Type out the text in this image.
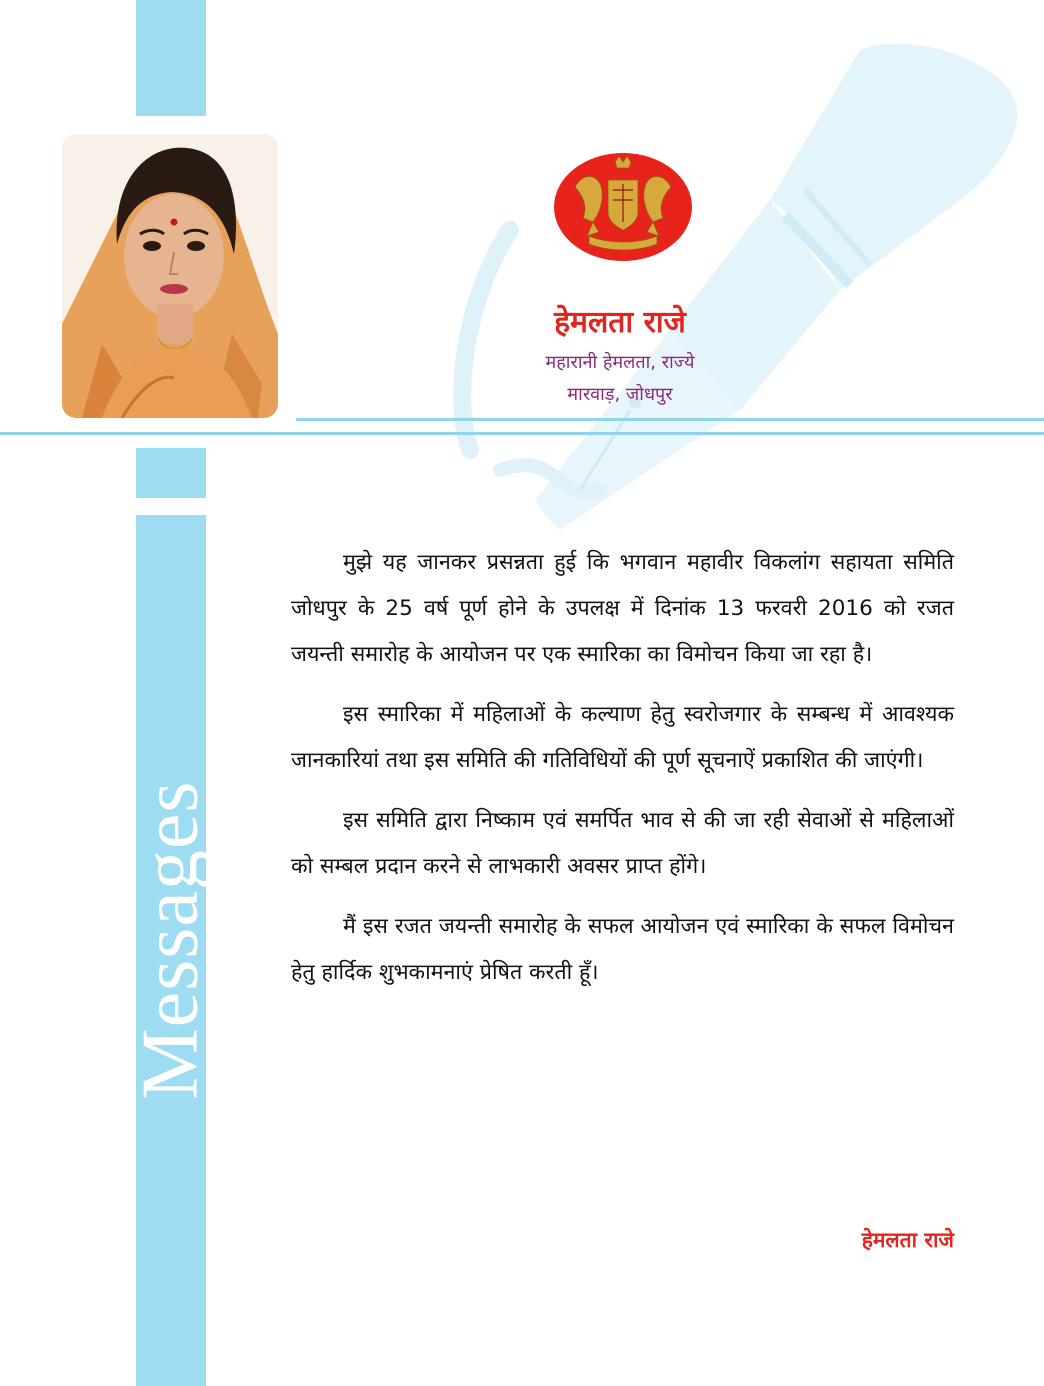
Messages
हेमलता राजे
महारानी हेमलता, राज्ये
मारवाड़, जोधपुर

मुझे यह जानकर प्रसन्नता हुई कि भगवान महावीर विकलांग सहायता समिति जोधपुर के 25 वर्ष पूर्ण होने के उपलक्ष में दिनांक 13 फरवरी 2016 को रजत जयन्ती समारोह के आयोजन पर एक स्मारिका का विमोचन किया जा रहा है।

इस स्मारिका में महिलाओं के कल्याण हेतु स्वरोजगार के सम्बन्ध में आवश्यक जानकारियां तथा इस समिति की गतिविधियों की पूर्ण सूचनाऐं प्रकाशित की जाएंगी।

इस समिति द्वारा निष्काम एवं समर्पित भाव से की जा रही सेवाओं से महिलाओं को सम्बल प्रदान करने से लाभकारी अवसर प्राप्त होंगे।

मैं इस रजत जयन्ती समारोह के सफल आयोजन एवं स्मारिका के सफल विमोचन हेतु हार्दिक शुभकामनाएं प्रेषित करती हूँ।

हेमलता राजे
